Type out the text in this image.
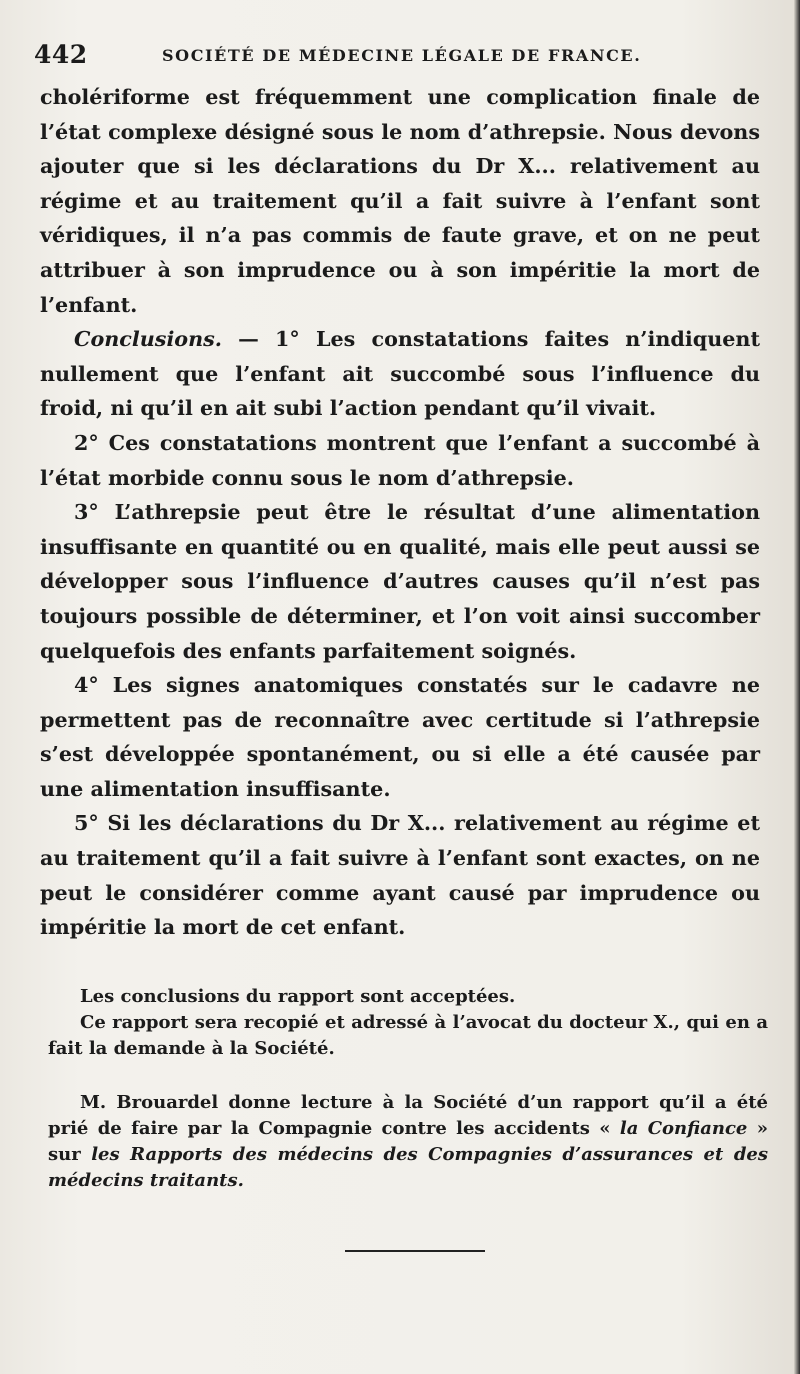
442	SOCIÉTÉ DE MÉDECINE LÉGALE DE FRANCE.

cholériforme est fréquemment une complication finale de l’état complexe désigné sous le nom d’athrepsie. Nous devons ajouter que si les déclarations du Dr X... relativement au régime et au traitement qu’il a fait suivre à l’enfant sont véridiques, il n’a pas commis de faute grave, et on ne peut attribuer à son imprudence ou à son impéritie la mort de l’enfant.

Conclusions. — 1° Les constatations faites n’indiquent nullement que l’enfant ait succombé sous l’influence du froid, ni qu’il en ait subi l’action pendant qu’il vivait.

2° Ces constatations montrent que l’enfant a succombé à l’état morbide connu sous le nom d’athrepsie.

3° L’athrepsie peut être le résultat d’une alimentation insuffisante en quantité ou en qualité, mais elle peut aussi se développer sous l’influence d’autres causes qu’il n’est pas toujours possible de déterminer, et l’on voit ainsi succomber quelquefois des enfants parfaitement soignés.

4° Les signes anatomiques constatés sur le cadavre ne permettent pas de reconnaître avec certitude si l’athrepsie s’est développée spontanément, ou si elle a été causée par une alimentation insuffisante.

5° Si les déclarations du Dr X... relativement au régime et au traitement qu’il a fait suivre à l’enfant sont exactes, on ne peut le considérer comme ayant causé par imprudence ou impéritie la mort de cet enfant.

Les conclusions du rapport sont acceptées.

Ce rapport sera recopié et adressé à l’avocat du docteur X., qui en a fait la demande à la Société.

M. Brouardel donne lecture à la Société d’un rapport qu’il a été prié de faire par la Compagnie contre les accidents « la Confiance » sur les Rapports des médecins des Compagnies d’assurances et des médecins traitants.
